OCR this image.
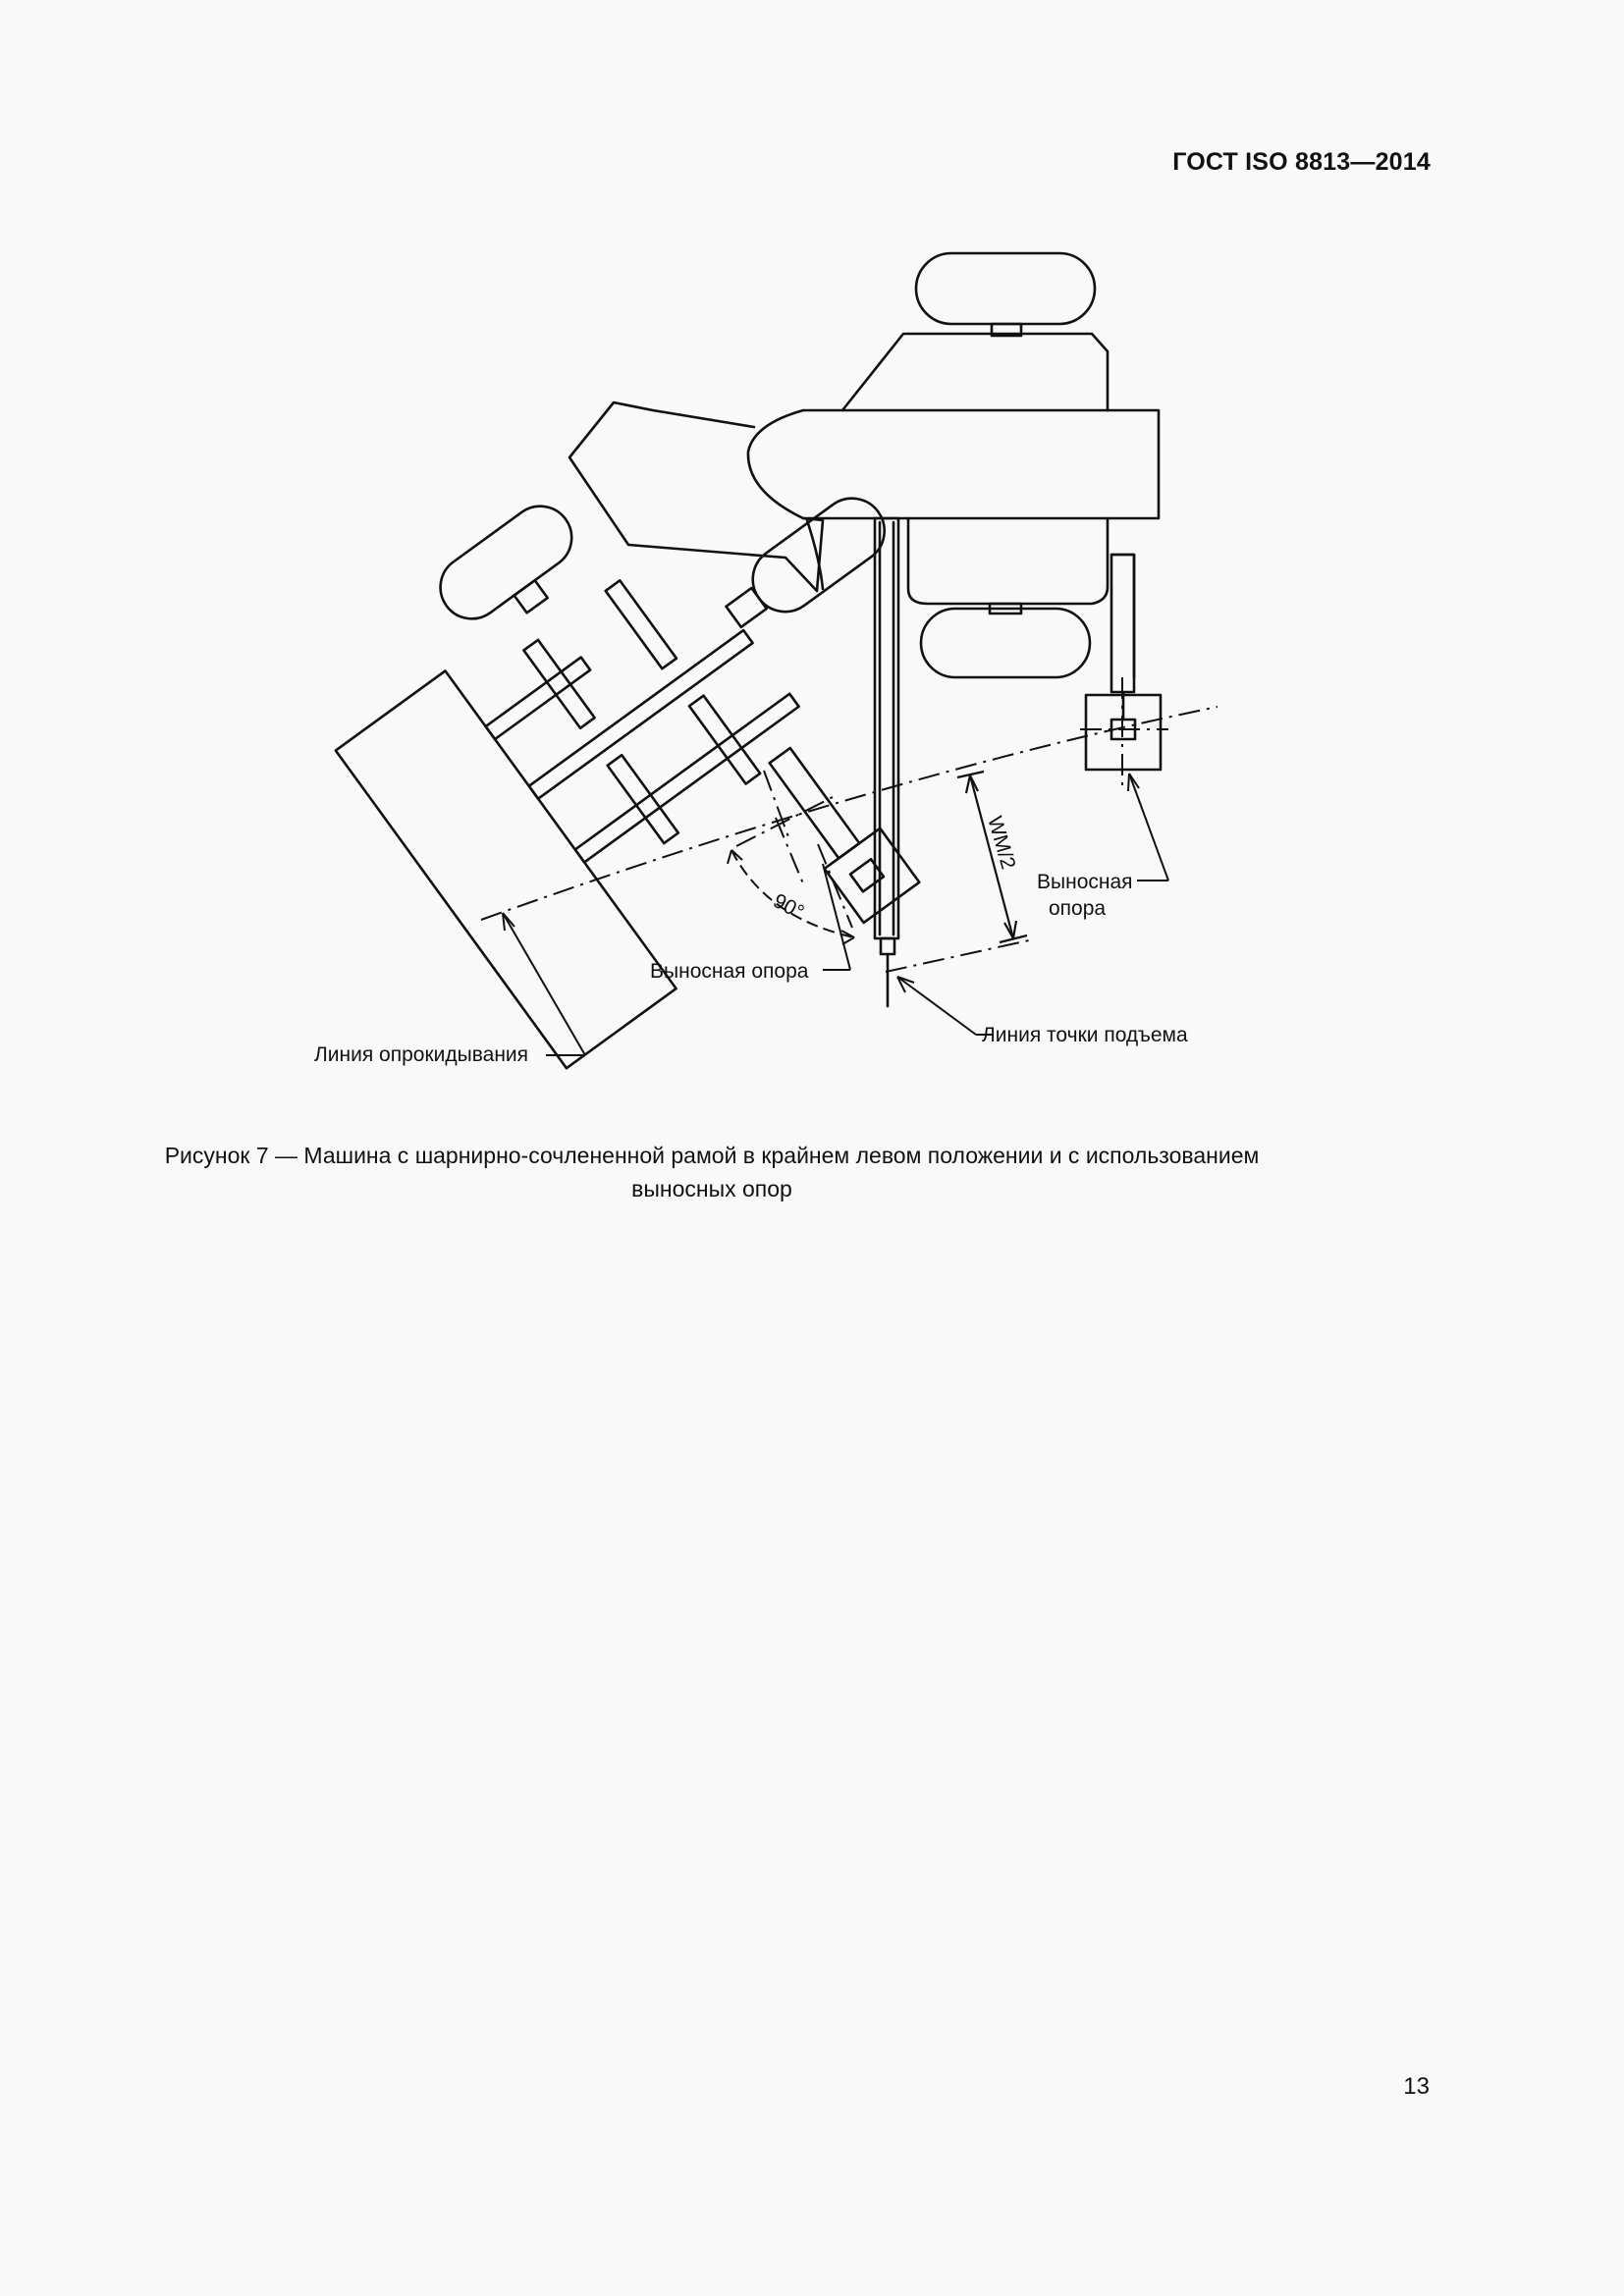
ГОСТ ISO 8813—2014
WM/2
90°
Выносная
опора
Выносная опора
Линия опрокидывания
Линия точки подъема
Рисунок 7 — Машина с шарнирно-сочлененной рамой в крайнем левом положении и с использованием
выносных опор
13
